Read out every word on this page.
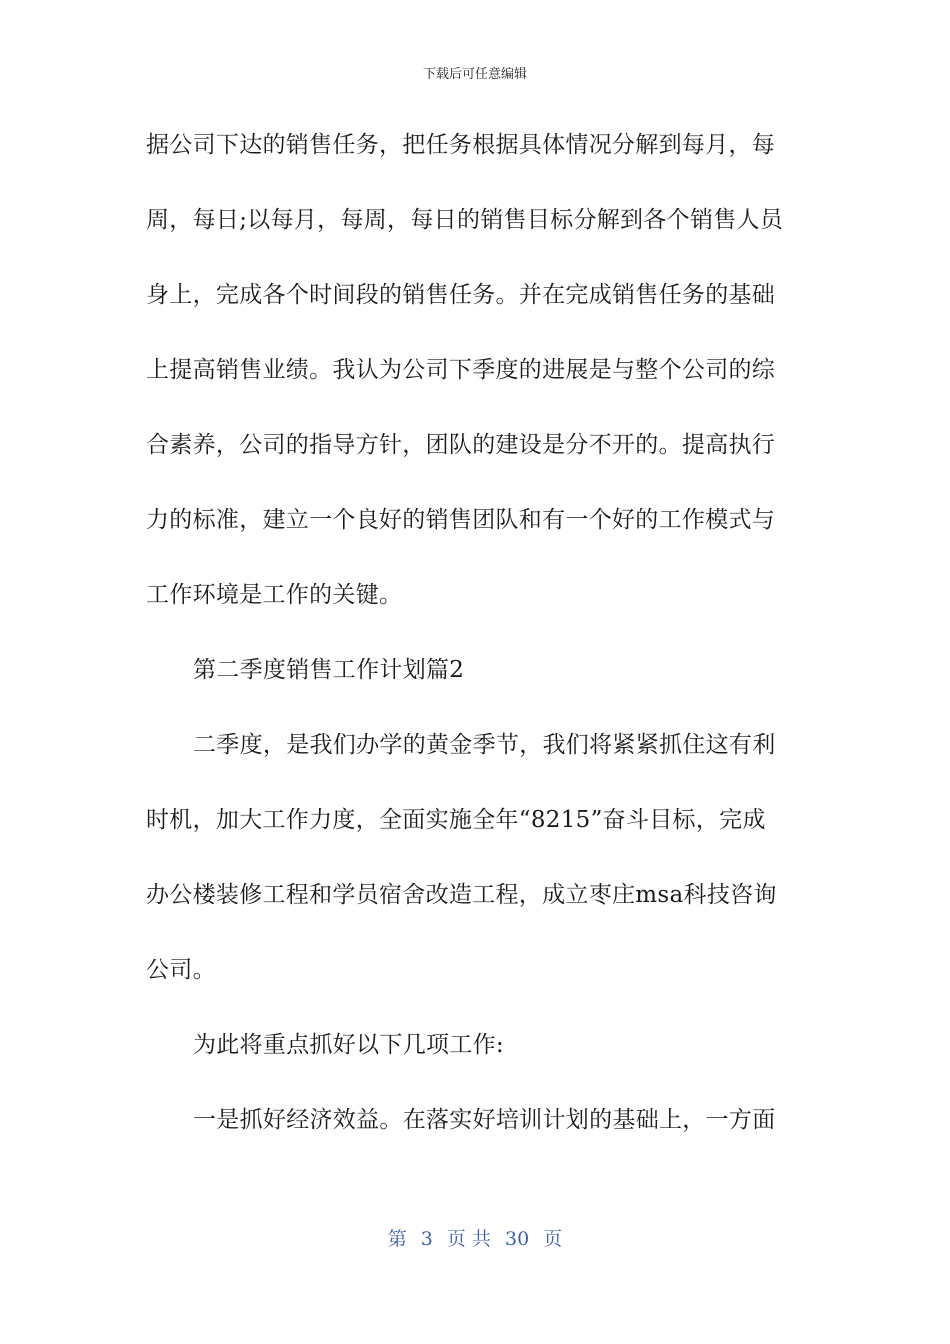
下载后可任意编辑
据公司下达的销售任务，把任务根据具体情况分解到每月，每
周，每日;以每月，每周，每日的销售目标分解到各个销售人员
身上，完成各个时间段的销售任务。并在完成销售任务的基础
上提高销售业绩。我认为公司下季度的进展是与整个公司的综
合素养，公司的指导方针，团队的建设是分不开的。提高执行
力的标准，建立一个良好的销售团队和有一个好的工作模式与
工作环境是工作的关键。
第二季度销售工作计划篇2
二季度，是我们办学的黄金季节，我们将紧紧抓住这有利
时机，加大工作力度，全面实施全年“8215”奋斗目标，完成
办公楼装修工程和学员宿舍改造工程，成立枣庄msa科技咨询
公司。
为此将重点抓好以下几项工作:
一是抓好经济效益。在落实好培训计划的基础上，一方面
第 3 页 共 30 页
